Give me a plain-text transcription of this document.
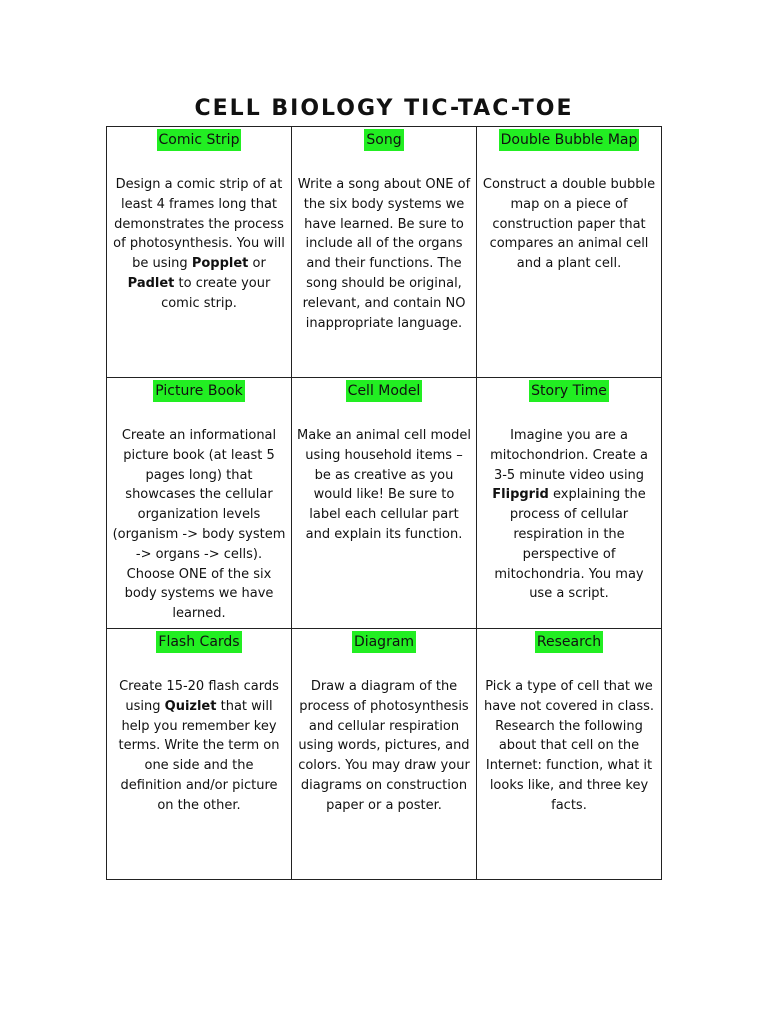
CELL BIOLOGY TIC-TAC-TOE
Comic Strip
Design a comic strip of at least 4 frames long that demonstrates the process of photosynthesis. You will be using Popplet or Padlet to create your comic strip.
Song
Write a song about ONE of the six body systems we have learned. Be sure to include all of the organs and their functions. The song should be original, relevant, and contain NO inappropriate language.
Double Bubble Map
Construct a double bubble map on a piece of construction paper that compares an animal cell and a plant cell.
Picture Book
Create an informational picture book (at least 5 pages long) that showcases the cellular organization levels (organism -> body system -> organs -> cells). Choose ONE of the six body systems we have learned.
Cell Model
Make an animal cell model using household items – be as creative as you would like! Be sure to label each cellular part and explain its function.
Story Time
Imagine you are a mitochondrion. Create a 3-5 minute video using Flipgrid explaining the process of cellular respiration in the perspective of mitochondria. You may use a script.
Flash Cards
Create 15-20 flash cards using Quizlet that will help you remember key terms. Write the term on one side and the definition and/or picture on the other.
Diagram
Draw a diagram of the process of photosynthesis and cellular respiration using words, pictures, and colors. You may draw your diagrams on construction paper or a poster.
Research
Pick a type of cell that we have not covered in class. Research the following about that cell on the Internet: function, what it looks like, and three key facts.
